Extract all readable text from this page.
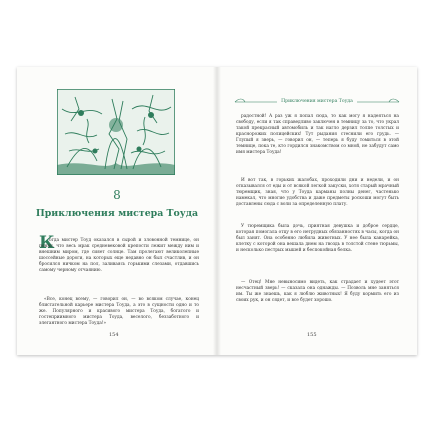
8
Приключения мистера Тоуда
К

огда мистер Тоуд оказался в сырой и зловонной темнице, он понял, что весь мрак средневековой крепости лежит между ним и внешним миром, где сияет солнце. Там пролегают великолепные шоссейные дороги, на которых еще недавно он был счастлив, и он бросился ничком на пол, заливаясь горькими слезами, отдавшись самому черному отчаянию.

«Все, конец всему, — говорил он, — во всяком случае, конец блистательной карьере мистера Тоуда, а это в сущности одно и то же. Популярного и красивого мистера Тоуда, богатого и гостеприимного мистера Тоуда, веселого, беззаботного и элегантного мистера Тоуда!»

154
Приключения мистера Тоуда

радостной! А раз уж я попал сюда, то как могу я надеяться на свободу, если я так справедливо заключен в темницу за то, что украл такой прекрасный автомобиль и так нагло дерзил толпе толстых и краснорожих полицейских! Тут рыдания стеснили его грудь. — Глупый я зверь, — говорил он, — теперь я буду томиться в этой темнице, пока те, кто гордился знакомством со мной, не забудут само имя мистера Тоуда!

И вот так, в горьких жалобах, проходили дни и недели, и он отказывался от еды и от всякой легкой закуски, хотя старый мрачный тюремщик, зная, что у Тоуда карманы полны денег, частенько намекал, что многие удобства и даже предметы роскоши могут быть доставлены сюда с воли за определенную плату.

У тюремщика была дочь, приятная девушка и доброе сердце, которая помогала отцу в его нетрудных обязанностях в часы, когда он был занят. Она особенно любила животных. У нее была канарейка, клетку с которой она вешала днем на гвоздь в толстой стене тюрьмы, и несколько пестрых мышей и беспокойная белка.

— Отец! Мне невыносимо видеть, как страдает и худеет этот несчастный зверь! — сказала она однажды. — Позволь мне заняться им. Ты же знаешь, как я люблю животных! Я буду кормить его из своих рук, и он сядет, и все будет хорошо.

155
